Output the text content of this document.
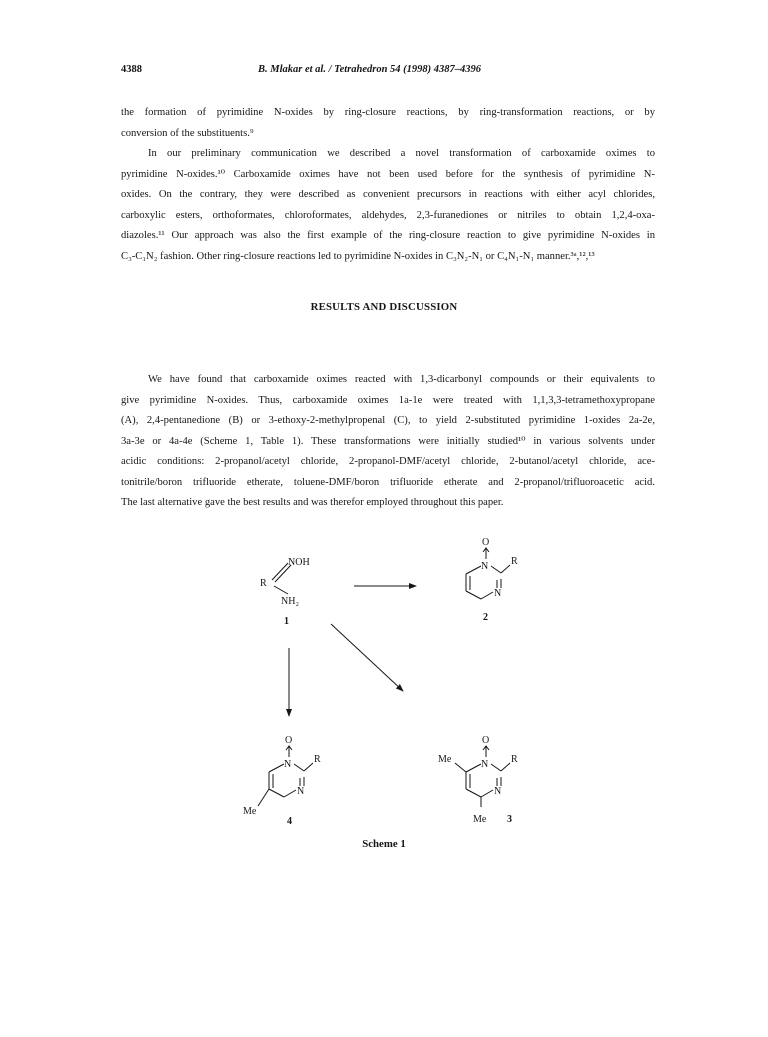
4388	B. Mlakar et al. / Tetrahedron 54 (1998) 4387–4396
the formation of pyrimidine N-oxides by ring-closure reactions, by ring-transformation reactions, or by
conversion of the substituents.⁹
In our preliminary communication we described a novel transformation of carboxamide oximes to
pyrimidine N-oxides.¹⁰ Carboxamide oximes have not been used before for the synthesis of pyrimidine N-
oxides. On the contrary, they were described as convenient precursors in reactions with either acyl chlorides,
carboxylic esters, orthoformates, chloroformates, aldehydes, 2,3-furanediones or nitriles to obtain 1,2,4-oxa-
diazoles.¹¹ Our approach was also the first example of the ring-closure reaction to give pyrimidine N-oxides in
C₃-C₁N₂ fashion. Other ring-closure reactions led to pyrimidine N-oxides in C₃N₂-N₁ or C₄N₁-N₁ manner.³ᵃ,¹²,¹³
RESULTS AND DISCUSSION
We have found that carboxamide oximes reacted with 1,3-dicarbonyl compounds or their equivalents to
give pyrimidine N-oxides. Thus, carboxamide oximes 1a-1e were treated with 1,1,3,3-tetramethoxypropane
(A), 2,4-pentanedione (B) or 3-ethoxy-2-methylpropenal (C), to yield 2-substituted pyrimidine 1-oxides 2a-2e,
3a-3e or 4a-4e (Scheme 1, Table 1). These transformations were initially studied¹⁰ in various solvents under
acidic conditions: 2-propanol/acetyl chloride, 2-propanol-DMF/acetyl chloride, 2-butanol/acetyl chloride, ace-
tonitrile/boron trifluoride etherate, toluene-DMF/boron trifluoride etherate and 2-propanol/trifluoroacetic acid.
The last alternative gave the best results and was therefor employed throughout this paper.
NOH
R
NH₂
1
O
N
N
R
2
O
N
N
R
Me
4
O
N
N
R
Me
Me 3
Scheme 1
